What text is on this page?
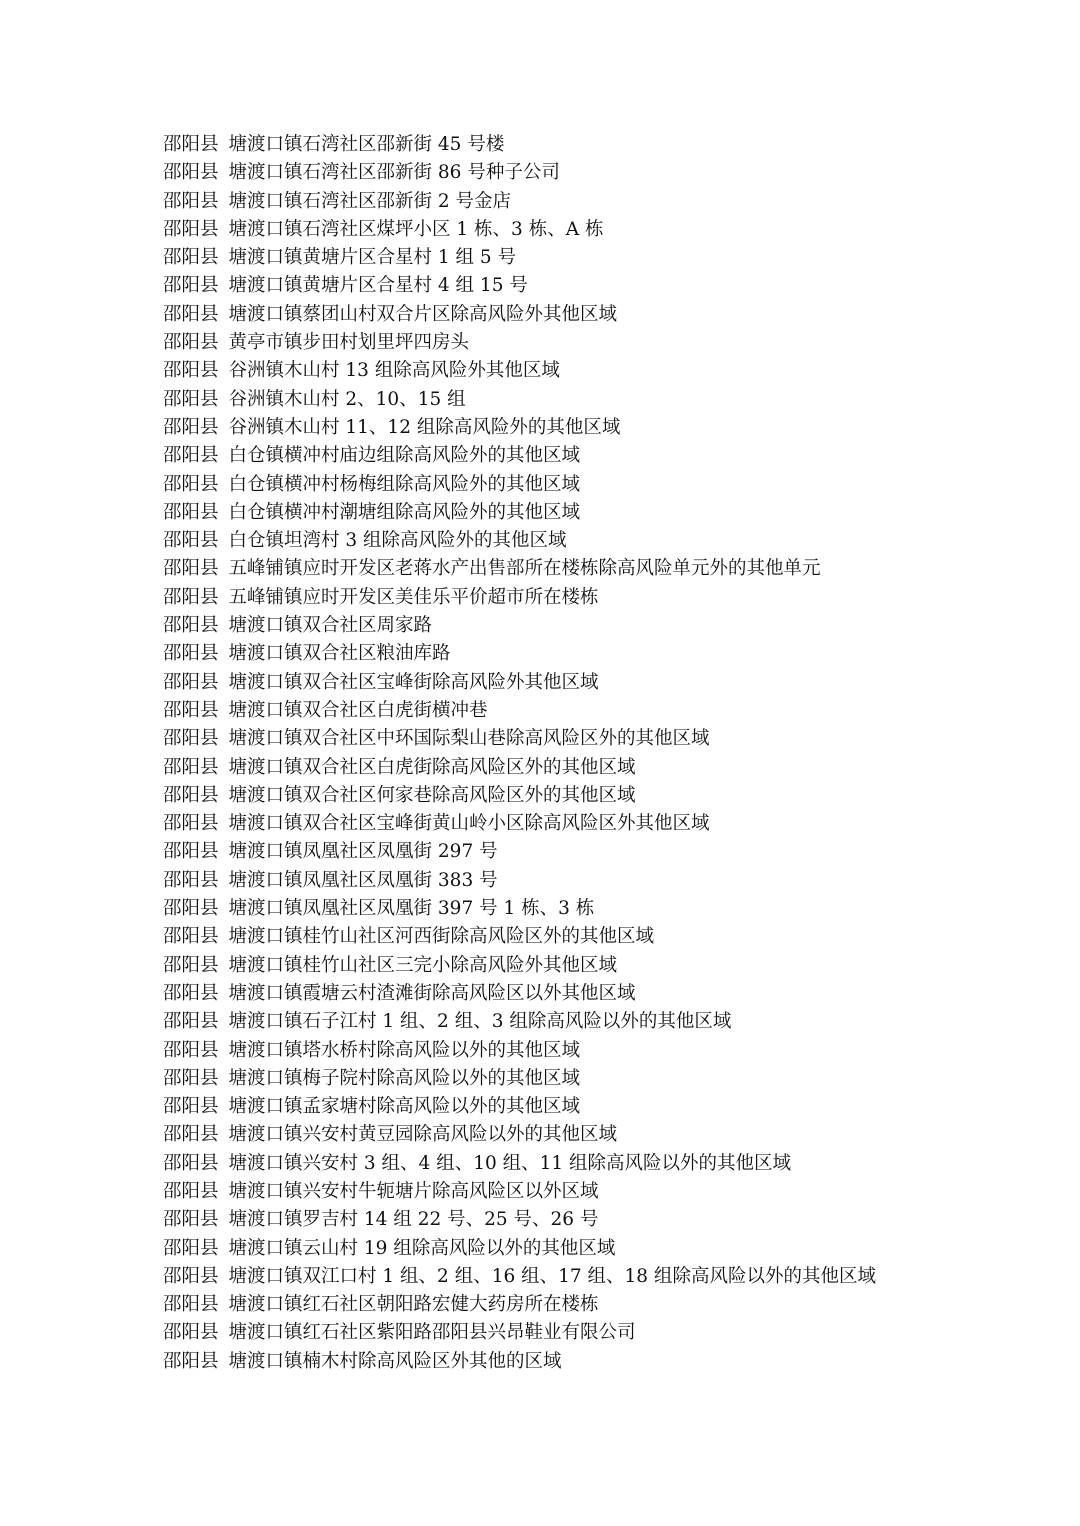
邵阳县 塘渡口镇石湾社区邵新街 45 号楼
邵阳县 塘渡口镇石湾社区邵新街 86 号种子公司
邵阳县 塘渡口镇石湾社区邵新街 2 号金店
邵阳县 塘渡口镇石湾社区煤坪小区 1 栋、3 栋、A 栋
邵阳县 塘渡口镇黄塘片区合星村 1 组 5 号
邵阳县 塘渡口镇黄塘片区合星村 4 组 15 号
邵阳县 塘渡口镇蔡团山村双合片区除高风险外其他区域
邵阳县 黄亭市镇步田村划里坪四房头
邵阳县 谷洲镇木山村 13 组除高风险外其他区域
邵阳县 谷洲镇木山村 2、10、15 组
邵阳县 谷洲镇木山村 11、12 组除高风险外的其他区域
邵阳县 白仓镇横冲村庙边组除高风险外的其他区域
邵阳县 白仓镇横冲村杨梅组除高风险外的其他区域
邵阳县 白仓镇横冲村潮塘组除高风险外的其他区域
邵阳县 白仓镇坦湾村 3 组除高风险外的其他区域
邵阳县 五峰铺镇应时开发区老蒋水产出售部所在楼栋除高风险单元外的其他单元
邵阳县 五峰铺镇应时开发区美佳乐平价超市所在楼栋
邵阳县 塘渡口镇双合社区周家路
邵阳县 塘渡口镇双合社区粮油库路
邵阳县 塘渡口镇双合社区宝峰街除高风险外其他区域
邵阳县 塘渡口镇双合社区白虎街横冲巷
邵阳县 塘渡口镇双合社区中环国际梨山巷除高风险区外的其他区域
邵阳县 塘渡口镇双合社区白虎街除高风险区外的其他区域
邵阳县 塘渡口镇双合社区何家巷除高风险区外的其他区域
邵阳县 塘渡口镇双合社区宝峰街黄山岭小区除高风险区外其他区域
邵阳县 塘渡口镇凤凰社区凤凰街 297 号
邵阳县 塘渡口镇凤凰社区凤凰街 383 号
邵阳县 塘渡口镇凤凰社区凤凰街 397 号 1 栋、3 栋
邵阳县 塘渡口镇桂竹山社区河西街除高风险区外的其他区域
邵阳县 塘渡口镇桂竹山社区三完小除高风险外其他区域
邵阳县 塘渡口镇霞塘云村渣滩街除高风险区以外其他区域
邵阳县 塘渡口镇石子江村 1 组、2 组、3 组除高风险以外的其他区域
邵阳县 塘渡口镇塔水桥村除高风险以外的其他区域
邵阳县 塘渡口镇梅子院村除高风险以外的其他区域
邵阳县 塘渡口镇孟家塘村除高风险以外的其他区域
邵阳县 塘渡口镇兴安村黄豆园除高风险以外的其他区域
邵阳县 塘渡口镇兴安村 3 组、4 组、10 组、11 组除高风险以外的其他区域
邵阳县 塘渡口镇兴安村牛轭塘片除高风险区以外区域
邵阳县 塘渡口镇罗吉村 14 组 22 号、25 号、26 号
邵阳县 塘渡口镇云山村 19 组除高风险以外的其他区域
邵阳县 塘渡口镇双江口村 1 组、2 组、16 组、17 组、18 组除高风险以外的其他区域
邵阳县 塘渡口镇红石社区朝阳路宏健大药房所在楼栋
邵阳县 塘渡口镇红石社区紫阳路邵阳县兴昂鞋业有限公司
邵阳县 塘渡口镇楠木村除高风险区外其他的区域
